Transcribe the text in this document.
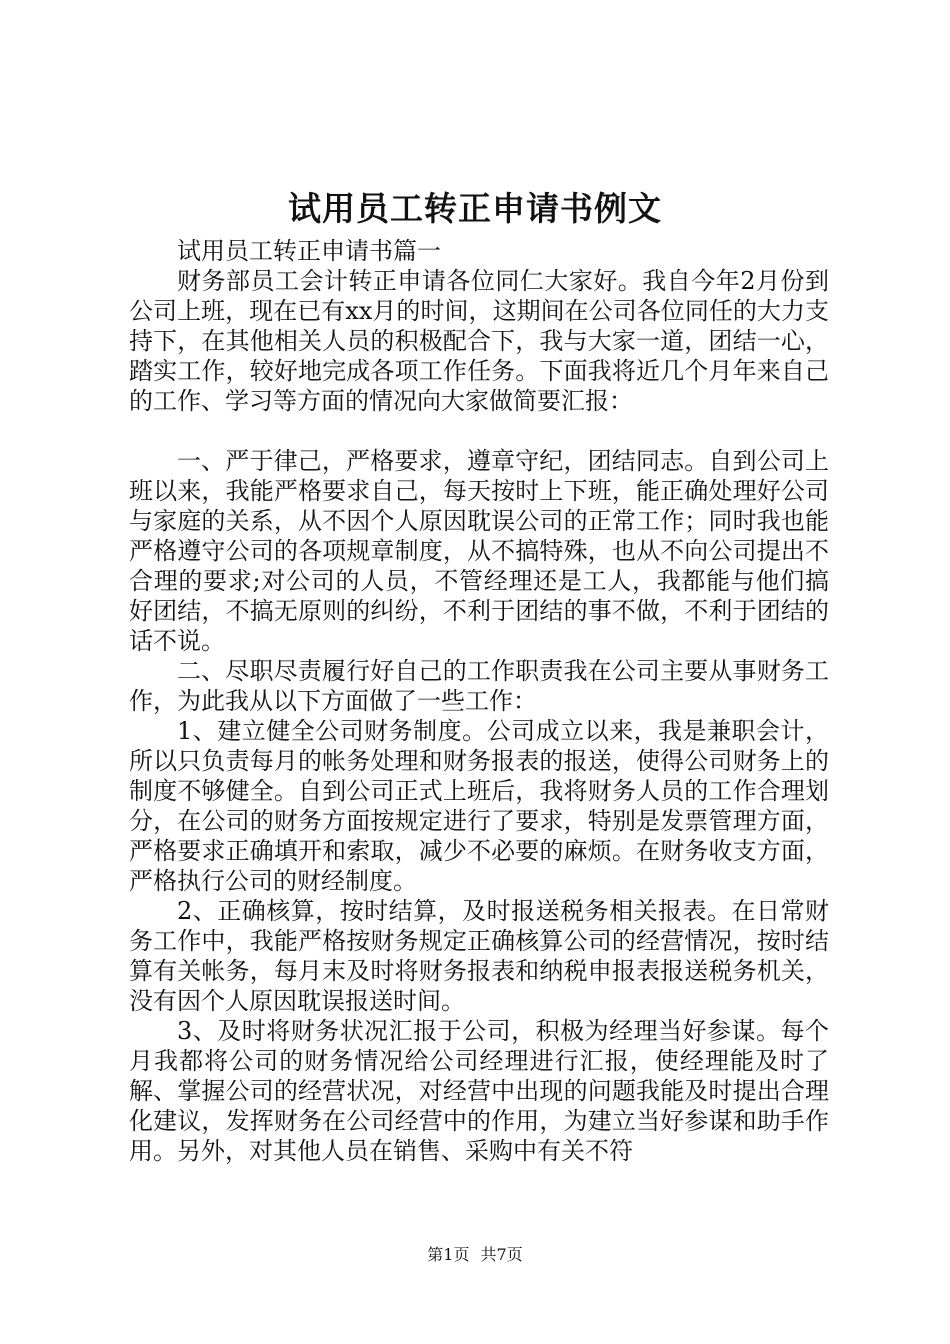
试用员工转正申请书例文

试用员工转正申请书篇一

财务部员工会计转正申请各位同仁大家好。我自今年2月份到公司上班，现在已有xx月的时间，这期间在公司各位同任的大力支持下，在其他相关人员的积极配合下，我与大家一道，团结一心，踏实工作，较好地完成各项工作任务。下面我将近几个月年来自己的工作、学习等方面的情况向大家做简要汇报：

一、严于律己，严格要求，遵章守纪，团结同志。自到公司上班以来，我能严格要求自己，每天按时上下班，能正确处理好公司与家庭的关系，从不因个人原因耽误公司的正常工作；同时我也能严格遵守公司的各项规章制度，从不搞特殊，也从不向公司提出不合理的要求;对公司的人员，不管经理还是工人，我都能与他们搞好团结，不搞无原则的纠纷，不利于团结的事不做，不利于团结的话不说。

二、尽职尽责履行好自己的工作职责我在公司主要从事财务工作，为此我从以下方面做了一些工作：

1、建立健全公司财务制度。公司成立以来，我是兼职会计，所以只负责每月的帐务处理和财务报表的报送，使得公司财务上的制度不够健全。自到公司正式上班后，我将财务人员的工作合理划分，在公司的财务方面按规定进行了要求，特别是发票管理方面，严格要求正确填开和索取，减少不必要的麻烦。在财务收支方面，严格执行公司的财经制度。

2、正确核算，按时结算，及时报送税务相关报表。在日常财务工作中，我能严格按财务规定正确核算公司的经营情况，按时结算有关帐务，每月末及时将财务报表和纳税申报表报送税务机关，没有因个人原因耽误报送时间。

3、及时将财务状况汇报于公司，积极为经理当好参谋。每个月我都将公司的财务情况给公司经理进行汇报，使经理能及时了解、掌握公司的经营状况，对经营中出现的问题我能及时提出合理化建议，发挥财务在公司经营中的作用，为建立当好参谋和助手作用。另外，对其他人员在销售、采购中有关不符

第1页 共7页
